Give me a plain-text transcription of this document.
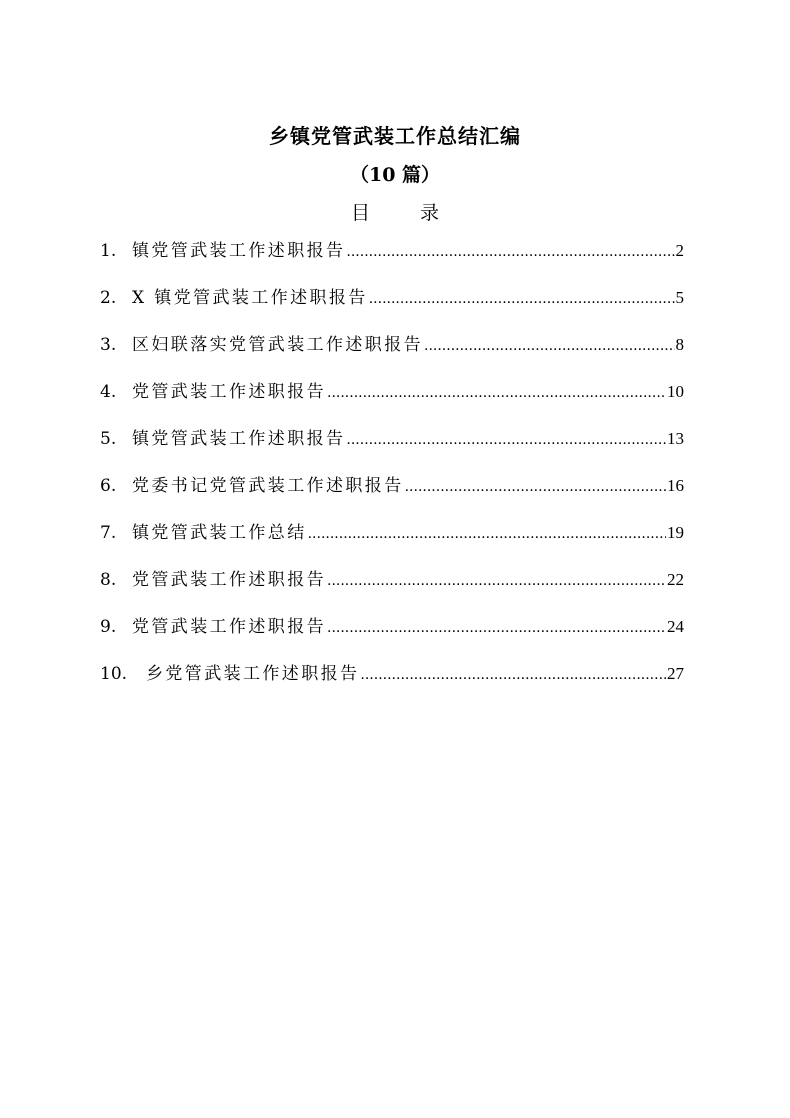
乡镇党管武装工作总结汇编
（10 篇）
目 录
1. 镇党管武装工作述职报告 .....	2
2. X 镇党管武装工作述职报告 .....	5
3. 区妇联落实党管武装工作述职报告 .....	8
4. 党管武装工作述职报告 .....	10
5. 镇党管武装工作述职报告 .....	13
6. 党委书记党管武装工作述职报告 .....	16
7. 镇党管武装工作总结 .....	19
8. 党管武装工作述职报告 .....	22
9. 党管武装工作述职报告 .....	24
10.	乡党管武装工作述职报告 .....	27
